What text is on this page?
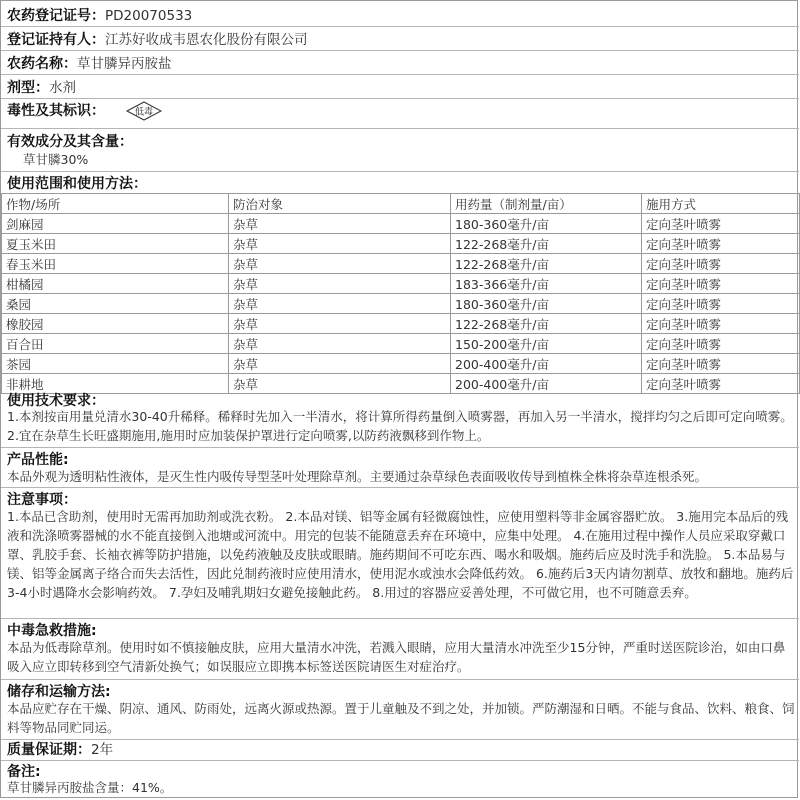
农药登记证号：PD20070533
登记证持有人：江苏好收成韦恩农化股份有限公司
农药名称：草甘膦异丙胺盐
剂型：水剂
毒性及其标识：	低毒
有效成分及其含量：
草甘膦30%
使用范围和使用方法：
作物/场所	防治对象	用药量（制剂量/亩）	施用方式
剑麻园	杂草	180-360毫升/亩	定向茎叶喷雾
夏玉米田	杂草	122-268毫升/亩	定向茎叶喷雾
春玉米田	杂草	122-268毫升/亩	定向茎叶喷雾
柑橘园	杂草	183-366毫升/亩	定向茎叶喷雾
桑园	杂草	180-360毫升/亩	定向茎叶喷雾
橡胶园	杂草	122-268毫升/亩	定向茎叶喷雾
百合田	杂草	150-200毫升/亩	定向茎叶喷雾
茶园	杂草	200-400毫升/亩	定向茎叶喷雾
非耕地	杂草	200-400毫升/亩	定向茎叶喷雾
使用技术要求：
1.本剂按亩用量兑清水30-40升稀释。稀释时先加入一半清水，将计算所得药量倒入喷雾器，再加入另一半清水，搅拌均匀之后即可定向喷雾。 2.宜在杂草生长旺盛期施用,施用时应加装保护罩进行定向喷雾,以防药液飘移到作物上。
产品性能:
本品外观为透明粘性液体，是灭生性内吸传导型茎叶处理除草剂。主要通过杂草绿色表面吸收传导到植株全株将杂草连根杀死。
注意事项：
1.本品已含助剂，使用时无需再加助剂或洗衣粉。 2.本品对镁、铝等金属有轻微腐蚀性，应使用塑料等非金属容器贮放。 3.施用完本品后的残液和洗涤喷雾器械的水不能直接倒入池塘或河流中。用完的包装不能随意丢弃在环境中，应集中处理。 4.在施用过程中操作人员应采取穿戴口罩、乳胶手套、长袖衣裤等防护措施，以免药液触及皮肤或眼睛。施药期间不可吃东西、喝水和吸烟。施药后应及时洗手和洗脸。 5.本品易与镁、铝等金属离子络合而失去活性，因此兑制药液时应使用清水，使用泥水或浊水会降低药效。 6.施药后3天内请勿割草、放牧和翻地。施药后3-4小时遇降水会影响药效。 7.孕妇及哺乳期妇女避免接触此药。 8.用过的容器应妥善处理，不可做它用，也不可随意丢弃。
中毒急救措施:
本品为低毒除草剂。使用时如不慎接触皮肤，应用大量清水冲洗，若溅入眼睛，应用大量清水冲洗至少15分钟，严重时送医院诊治，如由口鼻吸入应立即转移到空气清新处换气；如误服应立即携本标签送医院请医生对症治疗。
储存和运输方法:
本品应贮存在干燥、阴凉、通风、防雨处，远离火源或热源。置于儿童触及不到之处，并加锁。严防潮湿和日晒。不能与食品、饮料、粮食、饲料等物品同贮同运。
质量保证期：2年
备注:
草甘膦异丙胺盐含量：41%。
